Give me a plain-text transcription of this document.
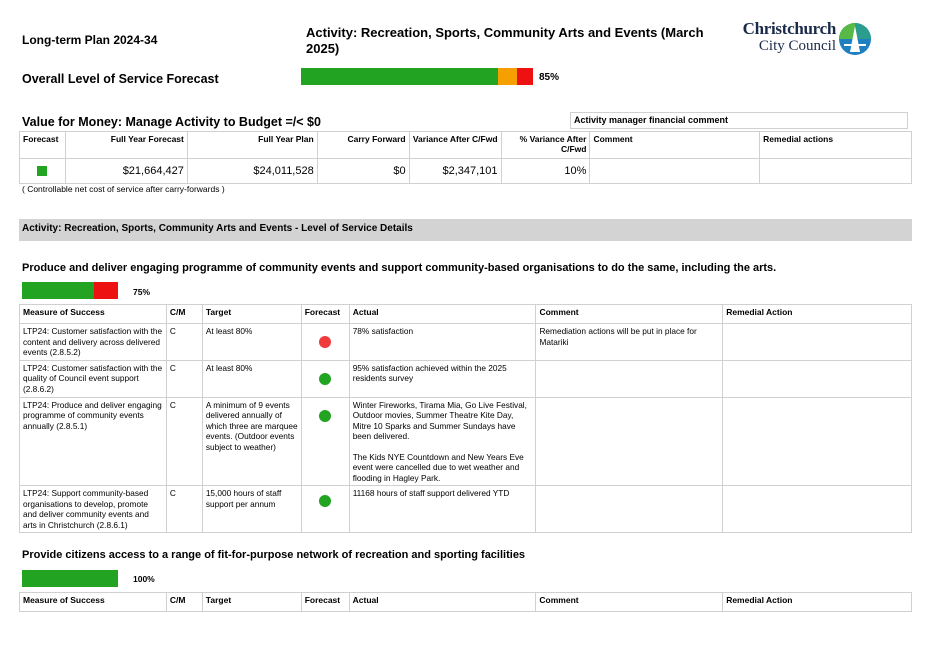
Long-term Plan 2024-34	Activity: Recreation, Sports, Community Arts and Events (March 2025)
Christchurch
City Council
Overall Level of Service Forecast	85%
Value for Money: Manage Activity to Budget =/< $0	Activity manager financial comment
Forecast	Full Year Forecast	Full Year Plan	Carry Forward	Variance After C/Fwd	% Variance After C/Fwd	Comment	Remedial actions

	$21,664,427	$24,011,528	$0	$2,347,101	10%		
( Controllable net cost of service after carry-forwards )
Activity: Recreation, Sports, Community Arts and Events - Level of Service Details
Produce and deliver engaging programme of community events and support community-based organisations to do the same, including the arts.
75%
Measure of Success	C/M	Target	Forecast	Actual	Comment	Remedial Action
LTP24: Customer satisfaction with the content and delivery across delivered events (2.8.5.2)	C	At least 80%		78% satisfaction	Remediation actions will be put in place for Matariki	
LTP24: Customer satisfaction with the quality of Council event support (2.8.6.2)	C	At least 80%		95% satisfaction achieved within the 2025 residents survey		
LTP24: Produce and deliver engaging programme of community events annually (2.8.5.1)	C	A minimum of 9 events delivered annually of which three are marquee events. (Outdoor events subject to weather)		Winter Fireworks, Tirama Mia, Go Live Festival, Outdoor movies, Summer Theatre Kite Day, Mitre 10 Sparks and Summer Sundays have been delivered.
The Kids NYE Countdown and New Years Eve event were cancelled due to wet weather and flooding in Hagley Park.		

LTP24: Support community-based organisations to develop, promote and deliver community events and arts in Christchurch (2.8.6.1)	C	15,000 hours of staff support per annum		11168 hours of staff support delivered YTD		
Provide citizens access to a range of fit-for-purpose network of recreation and sporting facilities
100%
Measure of Success	C/M	Target	Forecast	Actual	Comment	Remedial Action
